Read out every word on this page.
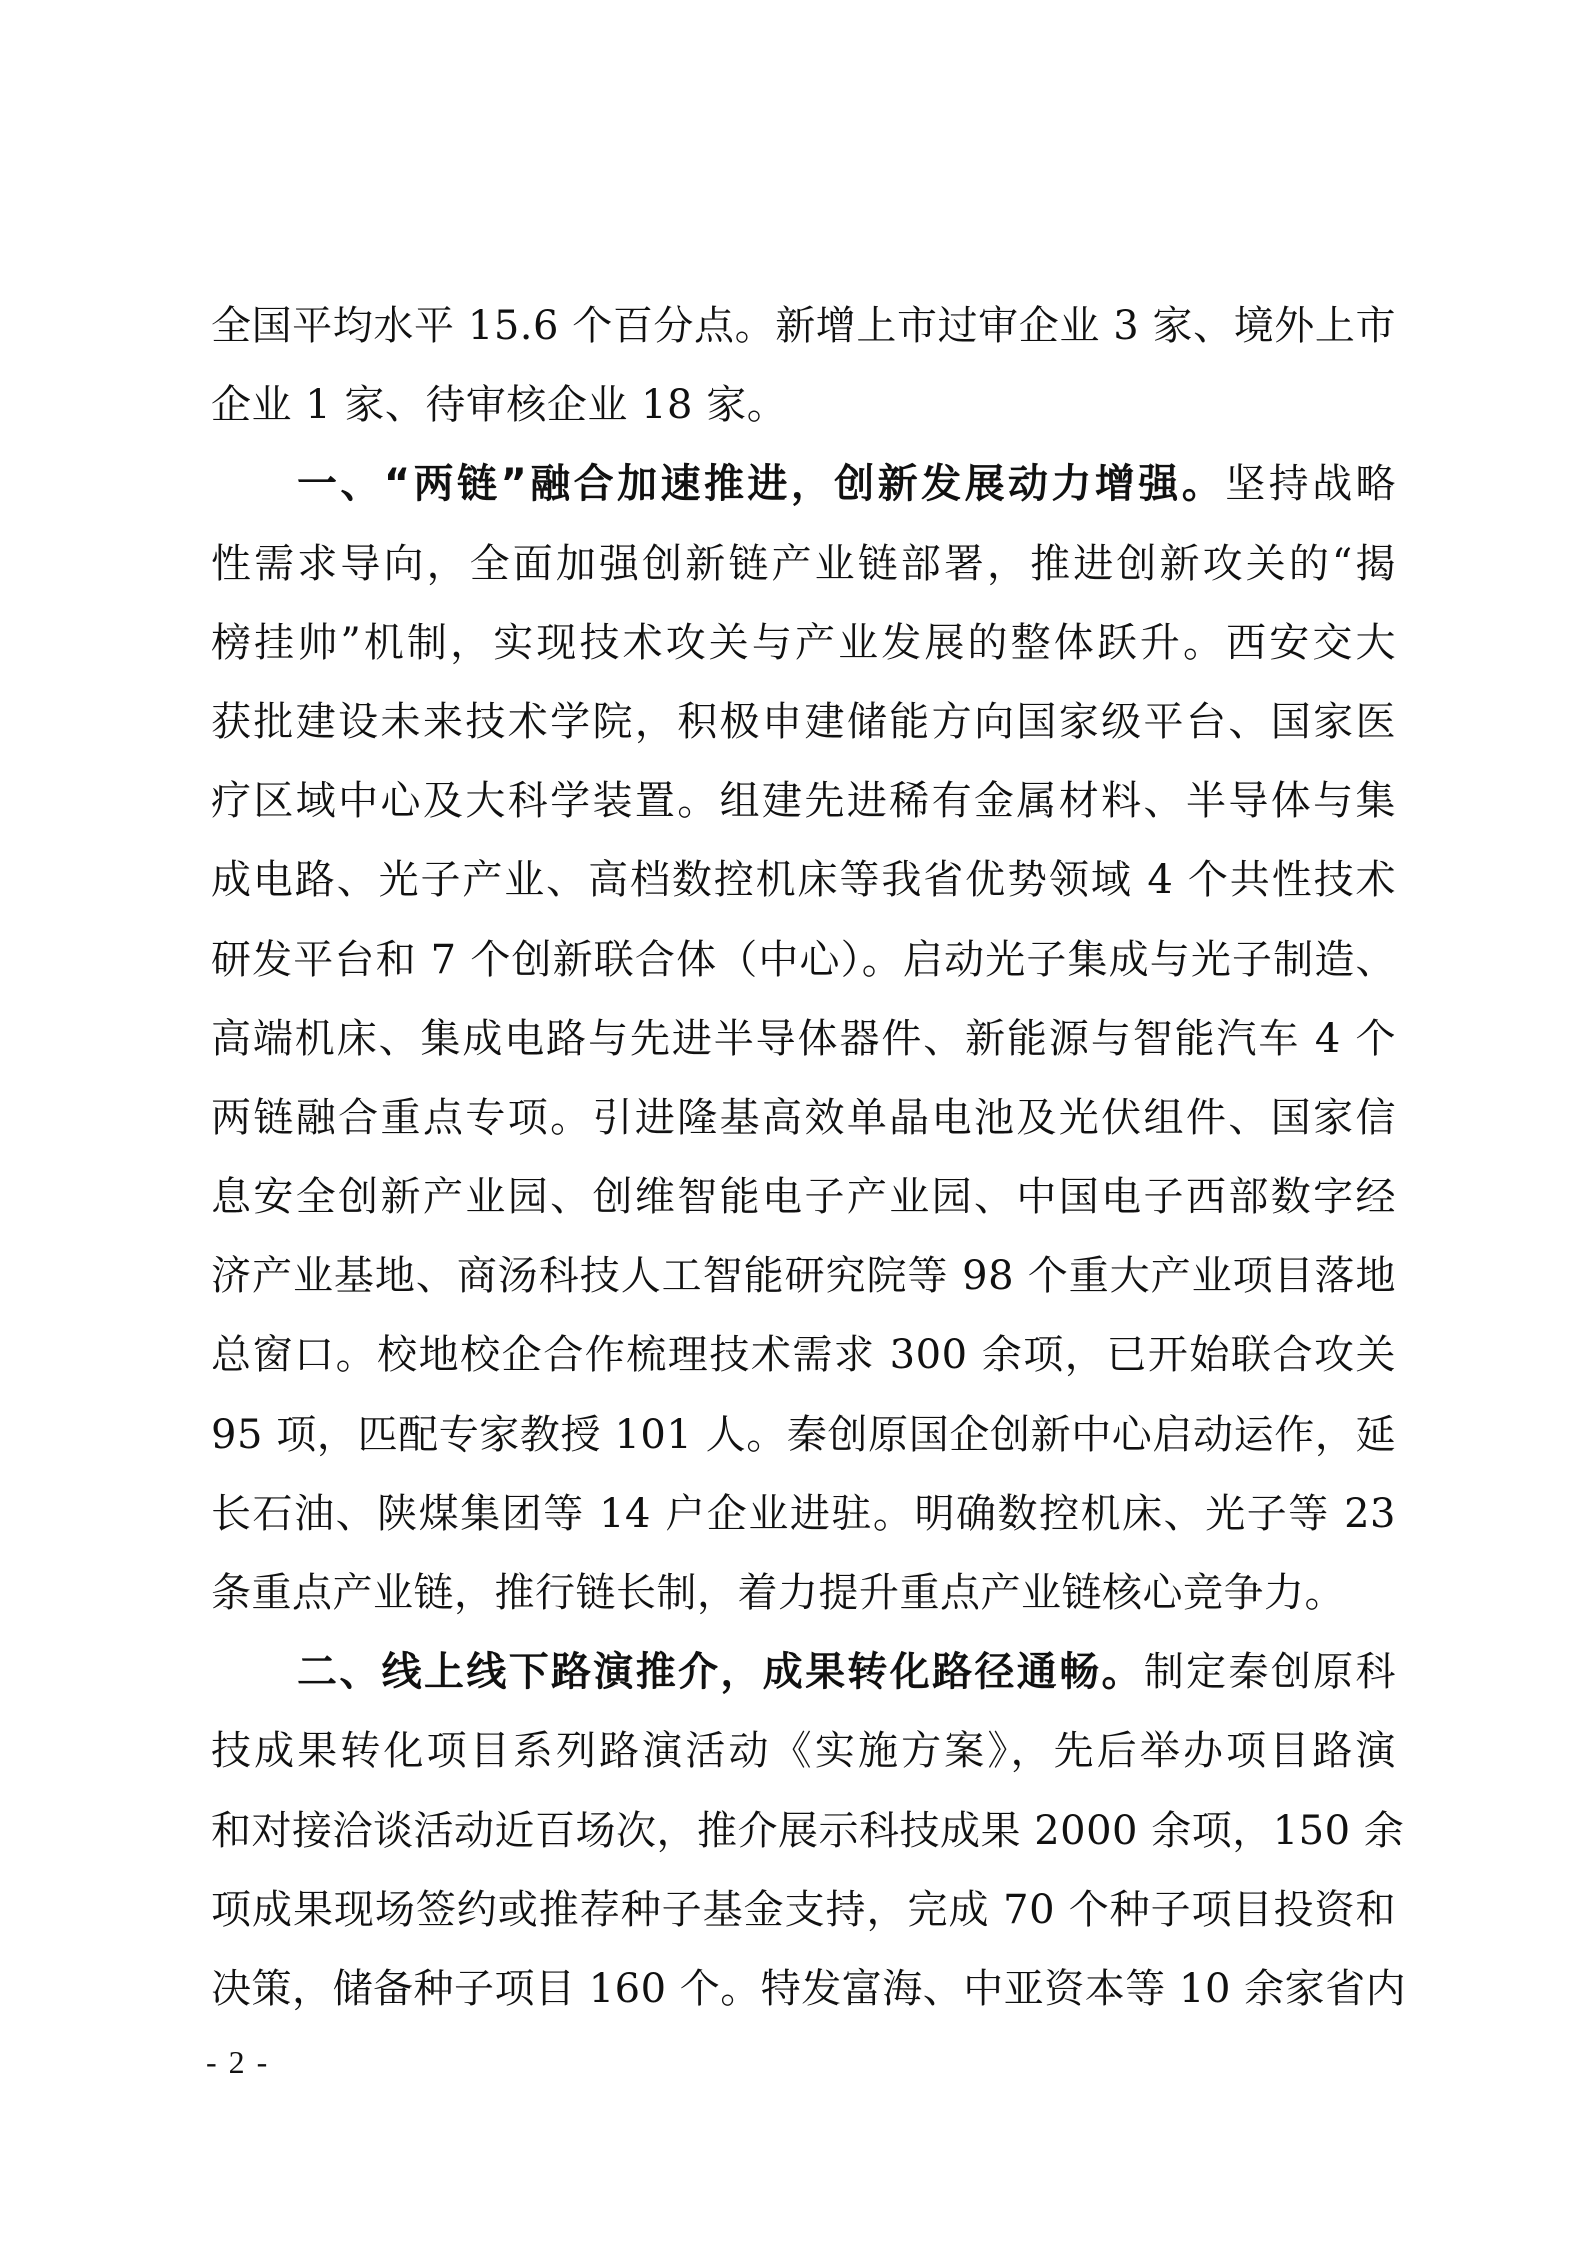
全国平均水平 15.6 个百分点。新增上市过审企业 3 家、境外上市
企业 1 家、待审核企业 18 家。
一、“两链”融合加速推进，创新发展动力增强。坚持战略
性需求导向，全面加强创新链产业链部署，推进创新攻关的“揭
榜挂帅”机制，实现技术攻关与产业发展的整体跃升。西安交大
获批建设未来技术学院，积极申建储能方向国家级平台、国家医
疗区域中心及大科学装置。组建先进稀有金属材料、半导体与集
成电路、光子产业、高档数控机床等我省优势领域 4 个共性技术
研发平台和 7 个创新联合体（中心）。启动光子集成与光子制造、
高端机床、集成电路与先进半导体器件、新能源与智能汽车 4 个
两链融合重点专项。引进隆基高效单晶电池及光伏组件、国家信
息安全创新产业园、创维智能电子产业园、中国电子西部数字经
济产业基地、商汤科技人工智能研究院等 98 个重大产业项目落地
总窗口。校地校企合作梳理技术需求 300 余项，已开始联合攻关
95 项，匹配专家教授 101 人。秦创原国企创新中心启动运作，延
长石油、陕煤集团等 14 户企业进驻。明确数控机床、光子等 23
条重点产业链，推行链长制，着力提升重点产业链核心竞争力。
二、线上线下路演推介，成果转化路径通畅。制定秦创原科
技成果转化项目系列路演活动《实施方案》，先后举办项目路演
和对接洽谈活动近百场次，推介展示科技成果 2000 余项，150 余
项成果现场签约或推荐种子基金支持，完成 70 个种子项目投资和
决策，储备种子项目 160 个。特发富海、中亚资本等 10 余家省内
- 2 -
